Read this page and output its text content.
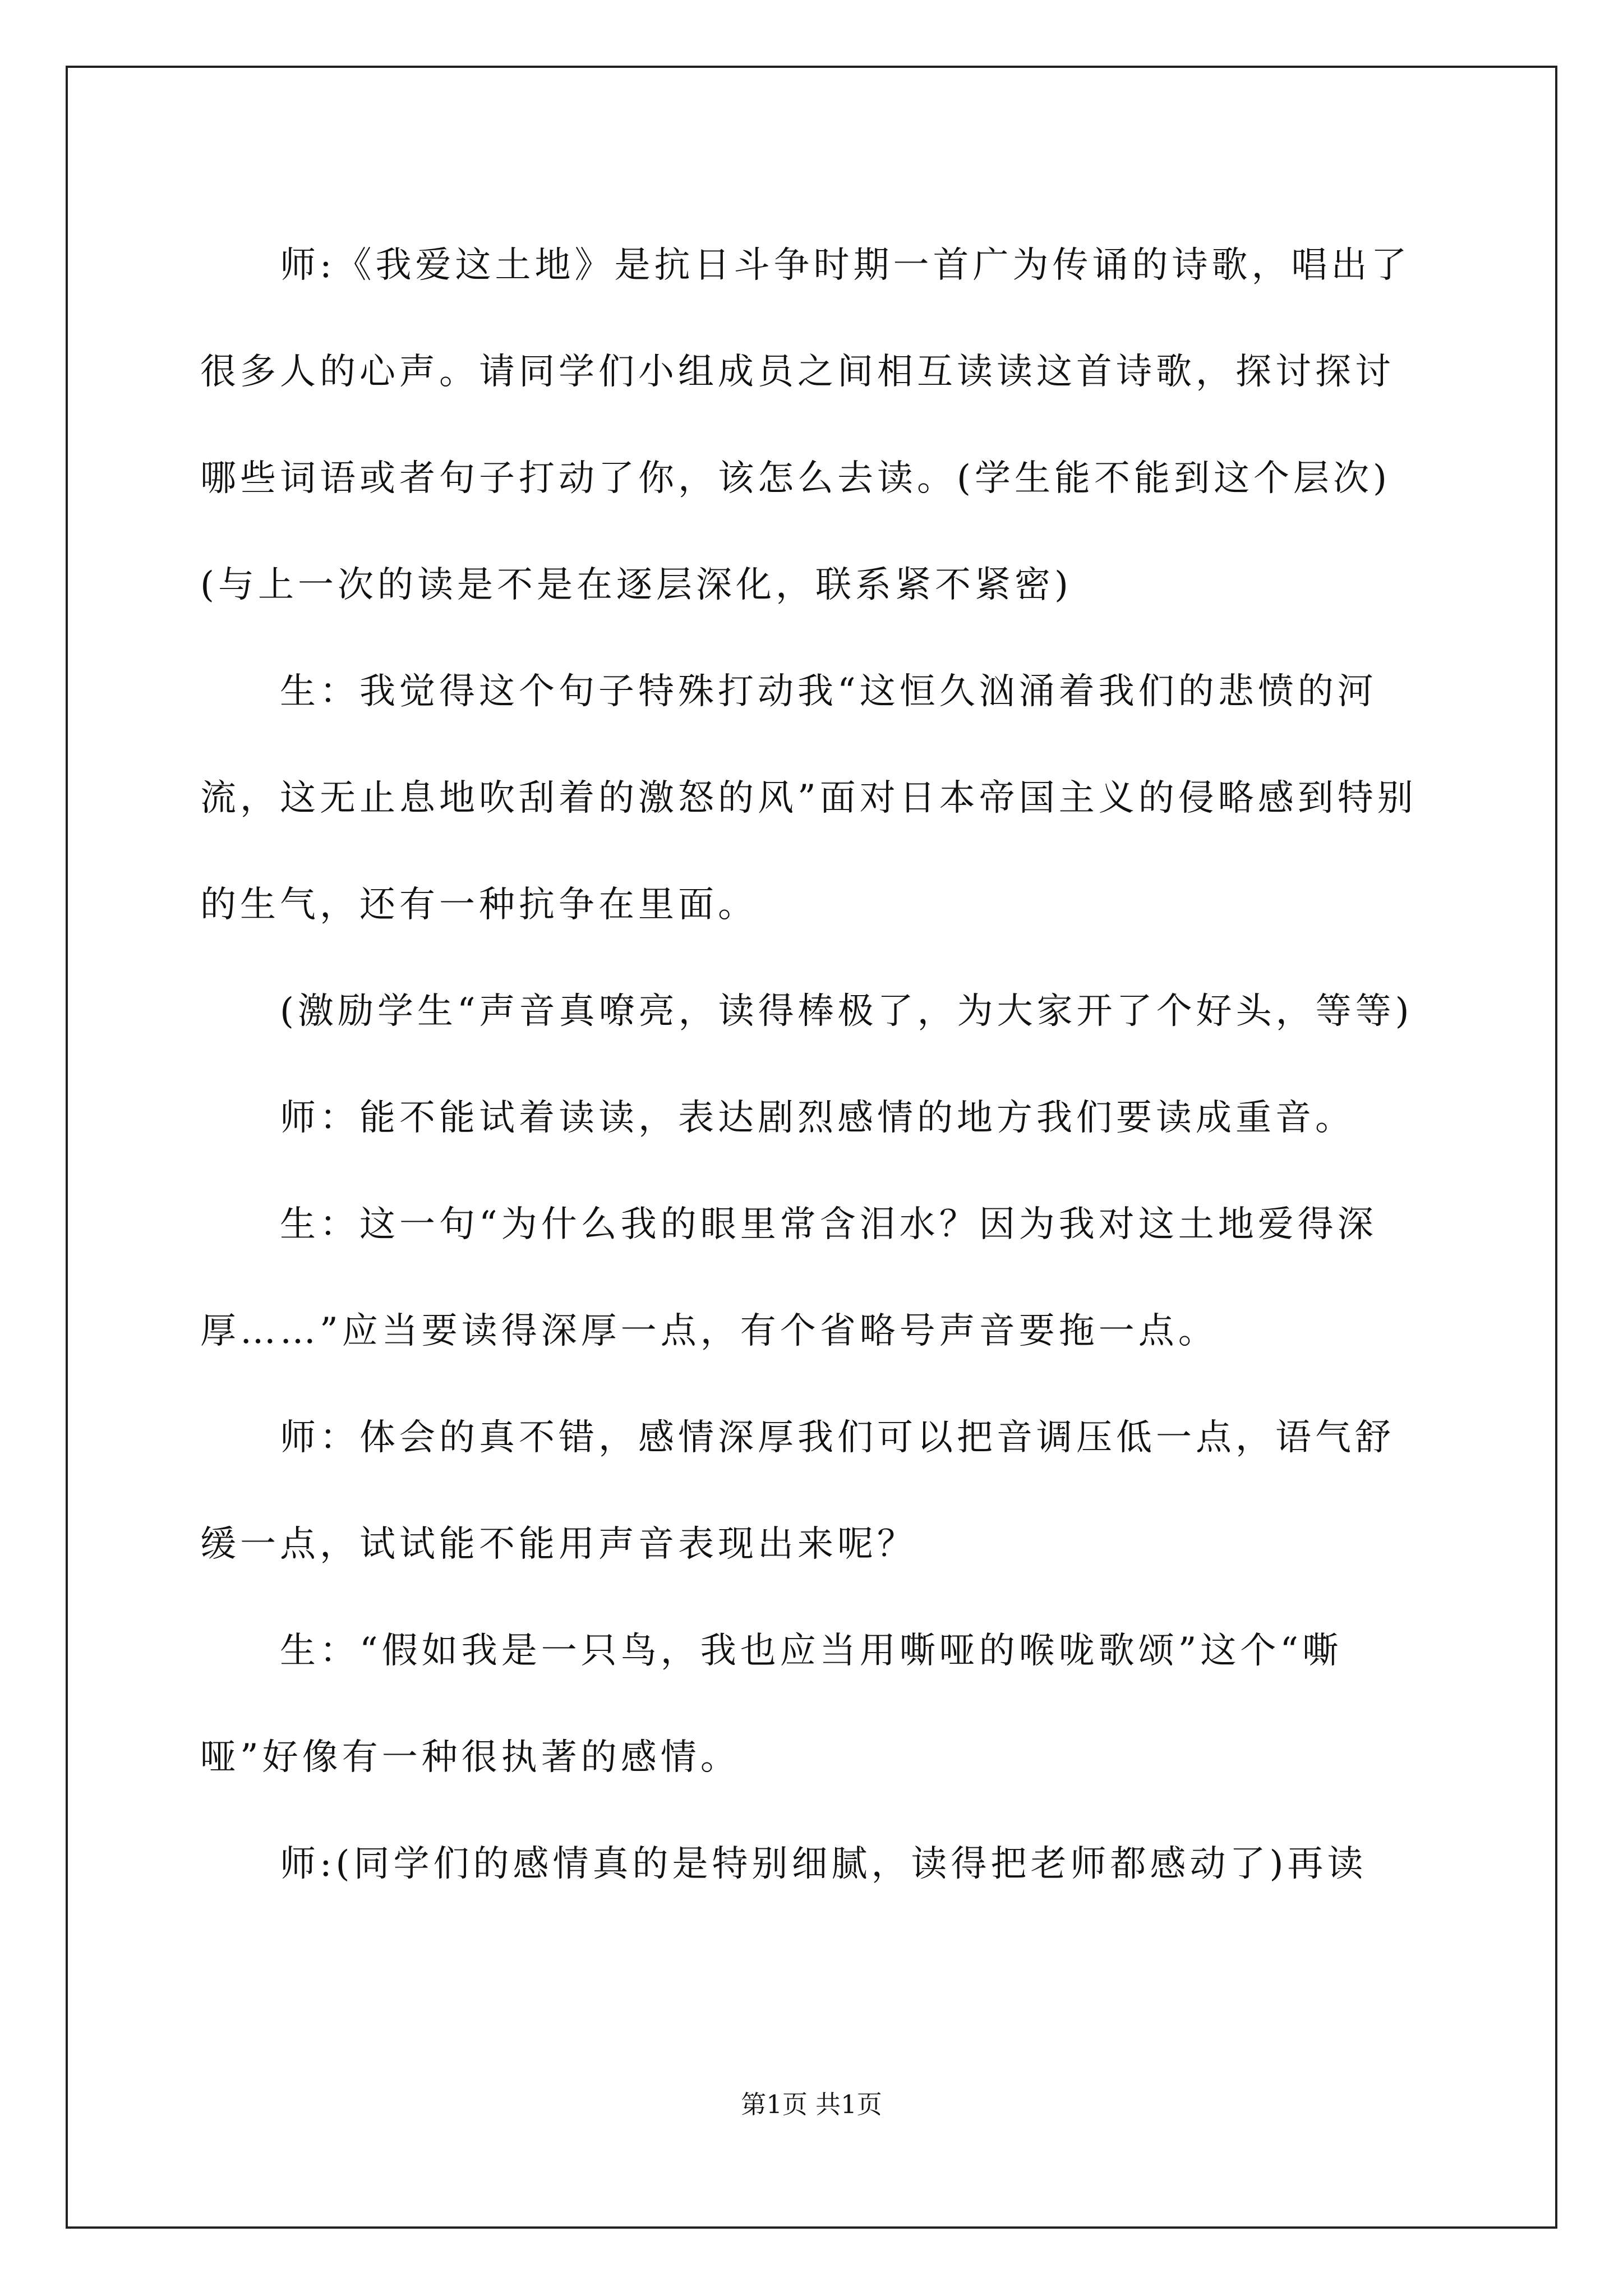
师:《我爱这土地》是抗日斗争时期一首广为传诵的诗歌，唱出了很多人的心声。请同学们小组成员之间相互读读这首诗歌，探讨探讨哪些词语或者句子打动了你，该怎么去读。(学生能不能到这个层次)

(与上一次的读是不是在逐层深化，联系紧不紧密)

生：我觉得这个句子特殊打动我“这恒久汹涌着我们的悲愤的河流，这无止息地吹刮着的激怒的风”面对日本帝国主义的侵略感到特别的生气，还有一种抗争在里面。

(激励学生“声音真嘹亮，读得棒极了，为大家开了个好头，等等)

师：能不能试着读读，表达剧烈感情的地方我们要读成重音。

生：这一句“为什么我的眼里常含泪水？因为我对这土地爱得深厚……”应当要读得深厚一点，有个省略号声音要拖一点。

师：体会的真不错，感情深厚我们可以把音调压低一点，语气舒缓一点，试试能不能用声音表现出来呢？

生：“假如我是一只鸟，我也应当用嘶哑的喉咙歌颂”这个“嘶哑”好像有一种很执著的感情。

师:(同学们的感情真的是特别细腻，读得把老师都感动了)再读

第1页 共1页
